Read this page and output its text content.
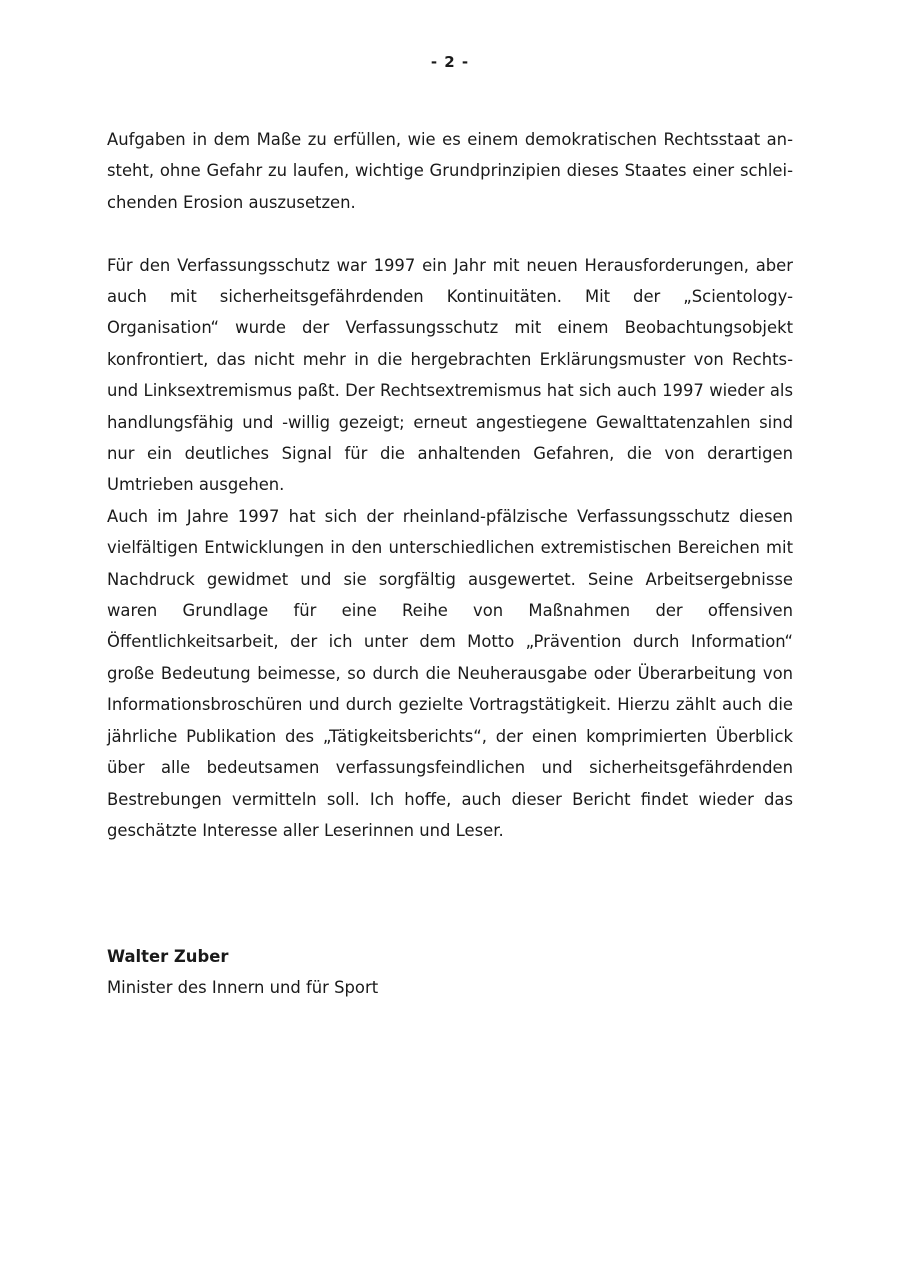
- 2 -

Aufgaben in dem Maße zu erfüllen, wie es einem demokratischen Rechtsstaat ansteht, ohne Gefahr zu laufen, wichtige Grundprinzipien dieses Staates einer schleichenden Erosion auszusetzen.

Für den Verfassungsschutz war 1997 ein Jahr mit neuen Herausforderungen, aber auch mit sicherheitsgefährdenden Kontinuitäten. Mit der „Scientology-Organisation“ wurde der Verfassungsschutz mit einem Beobachtungsobjekt konfrontiert, das nicht mehr in die hergebrachten Erklärungsmuster von Rechts- und Linksextremismus paßt. Der Rechtsextremismus hat sich auch 1997 wieder als handlungsfähig und -willig gezeigt; erneut angestiegene Gewalttatenzahlen sind nur ein deutliches Signal für die anhaltenden Gefahren, die von derartigen Umtrieben ausgehen.

Auch im Jahre 1997 hat sich der rheinland-pfälzische Verfassungsschutz diesen vielfältigen Entwicklungen in den unterschiedlichen extremistischen Bereichen mit Nachdruck gewidmet und sie sorgfältig ausgewertet. Seine Arbeitsergebnisse waren Grundlage für eine Reihe von Maßnahmen der offensiven Öffentlichkeitsarbeit, der ich unter dem Motto „Prävention durch Information“ große Bedeutung beimesse, so durch die Neuherausgabe oder Überarbeitung von Informationsbroschüren und durch gezielte Vortragstätigkeit. Hierzu zählt auch die jährliche Publikation des „Tätigkeitsberichts“, der einen komprimierten Überblick über alle bedeutsamen verfassungsfeindlichen und sicherheitsgefährdenden Bestrebungen vermitteln soll. Ich hoffe, auch dieser Bericht findet wieder das geschätzte Interesse aller Leserinnen und Leser.

Walter Zuber
Minister des Innern und für Sport
